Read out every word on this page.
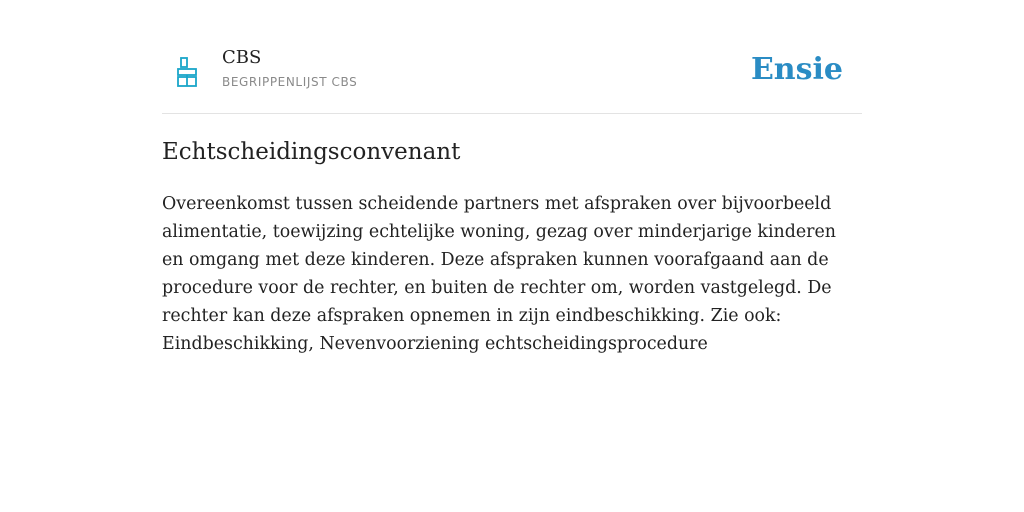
CBS
BEGRIPPENLIJST CBS	Ensie
Echtscheidingsconvenant

Overeenkomst tussen scheidende partners met afspraken over bijvoorbeeld alimentatie, toewijzing echtelijke woning, gezag over minderjarige kinderen en omgang met deze kinderen. Deze afspraken kunnen voorafgaand aan de procedure voor de rechter, en buiten de rechter om, worden vastgelegd. De rechter kan deze afspraken opnemen in zijn eindbeschikking. Zie ook: Eindbeschikking, Nevenvoorziening echtscheidingsprocedure
